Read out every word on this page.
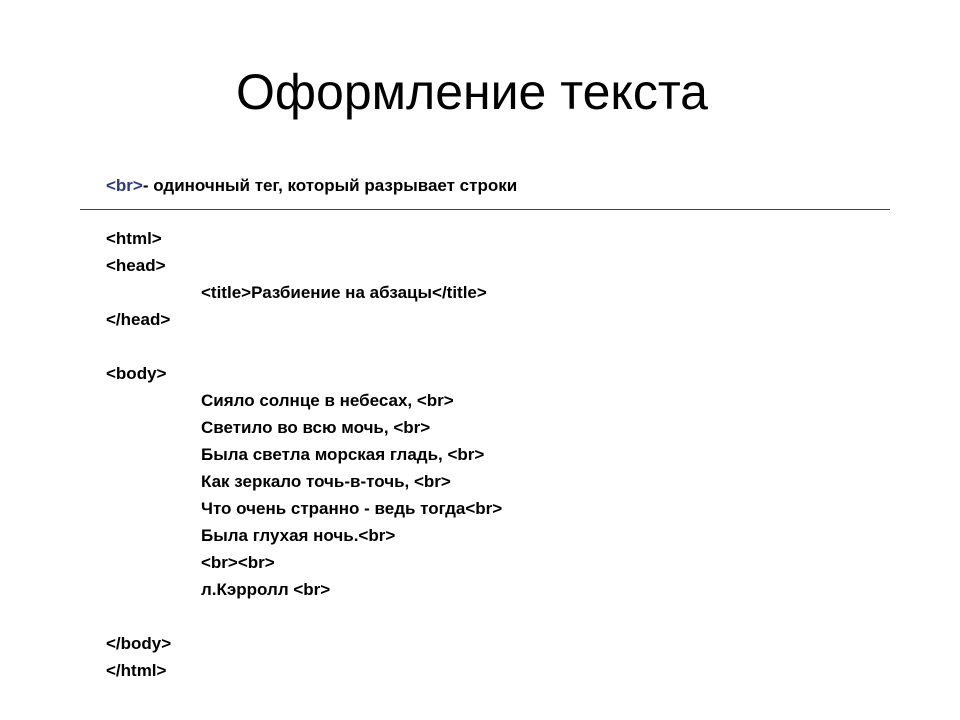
Оформление текста
<br>- одиночный тег, который разрывает строки
<html>
<head>
<title>Разбиение на абзацы</title>
</head>
<body>
Сияло солнце в небесах, <br>
Светило во всю мочь, <br>
Была светла морская гладь, <br>
Как зеркало точь-в-точь, <br>
Что очень странно - ведь тогда<br>
Была глухая ночь.<br>
<br><br>
л.Кэрролл <br>
</body>
</html>
